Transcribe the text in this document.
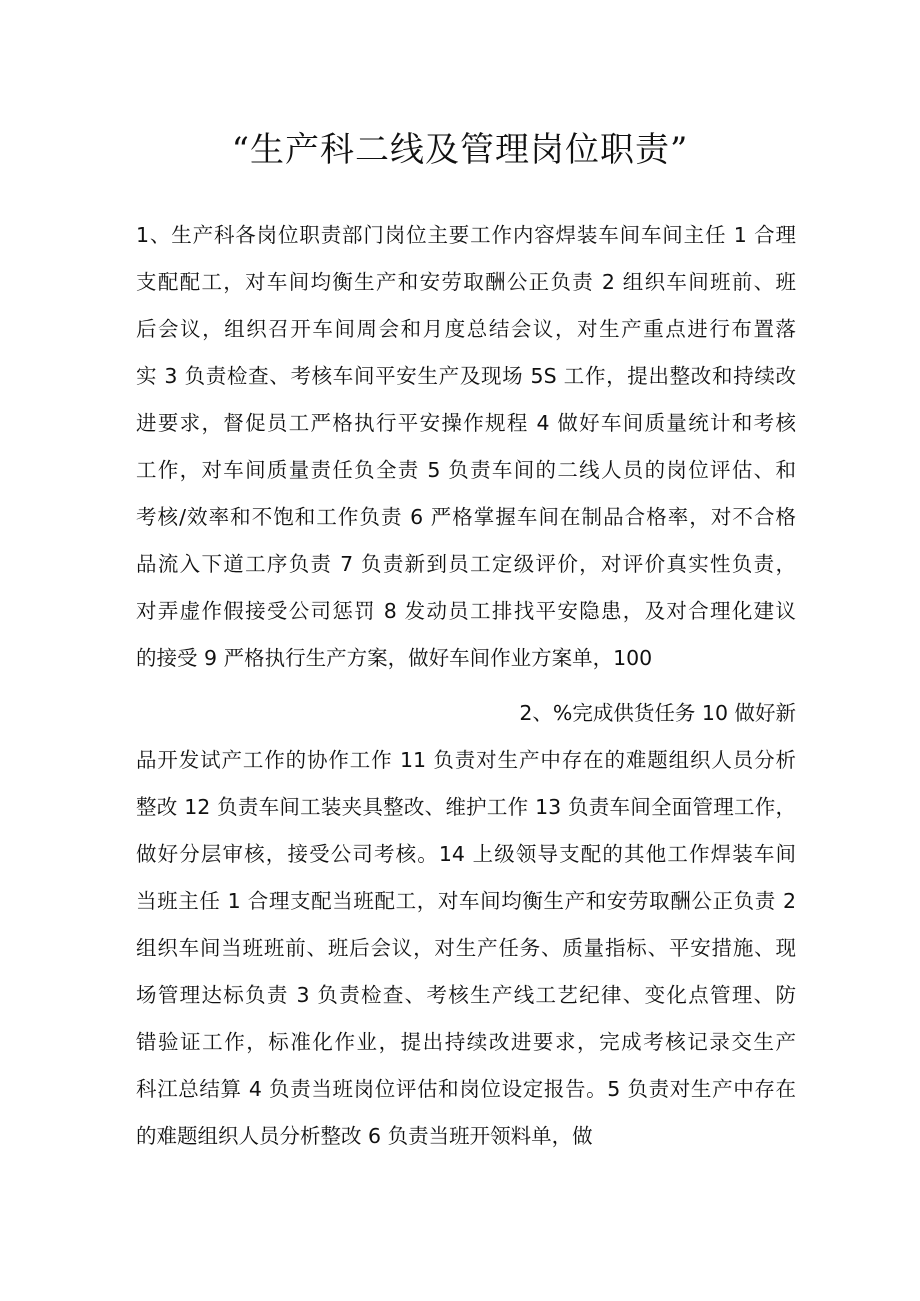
“生产科二线及管理岗位职责”
1、生产科各岗位职责部门岗位主要工作内容焊装车间车间主任 1 合理
支配配工，对车间均衡生产和安劳取酬公正负责 2 组织车间班前、班
后会议，组织召开车间周会和月度总结会议，对生产重点进行布置落
实 3 负责检查、考核车间平安生产及现场 5S 工作，提出整改和持续改
进要求，督促员工严格执行平安操作规程 4 做好车间质量统计和考核
工作，对车间质量责任负全责 5 负责车间的二线人员的岗位评估、和
考核/效率和不饱和工作负责 6 严格掌握车间在制品合格率，对不合格
品流入下道工序负责 7 负责新到员工定级评价，对评价真实性负责，
对弄虚作假接受公司惩罚 8 发动员工排找平安隐患，及对合理化建议
的接受 9 严格执行生产方案，做好车间作业方案单，100
2、%完成供货任务 10 做好新
品开发试产工作的协作工作 11 负责对生产中存在的难题组织人员分析
整改 12 负责车间工装夹具整改、维护工作 13 负责车间全面管理工作，
做好分层审核，接受公司考核。14 上级领导支配的其他工作焊装车间
当班主任 1 合理支配当班配工，对车间均衡生产和安劳取酬公正负责 2
组织车间当班班前、班后会议，对生产任务、质量指标、平安措施、现
场管理达标负责 3 负责检查、考核生产线工艺纪律、变化点管理、防
错验证工作，标准化作业，提出持续改进要求，完成考核记录交生产
科江总结算 4 负责当班岗位评估和岗位设定报告。5 负责对生产中存在
的难题组织人员分析整改 6 负责当班开领料单，做
